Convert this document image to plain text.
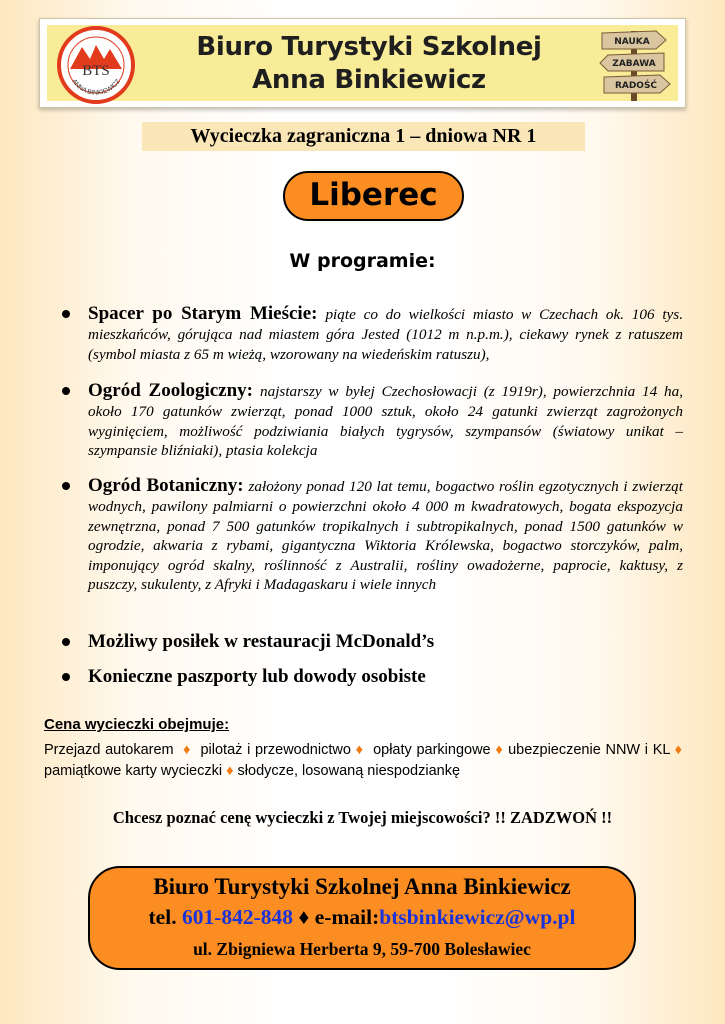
BTS
ANNA BINKIEWICZ
Biuro Turystyki Szkolnej
Anna Binkiewicz
NAUKA
ZABAWA
RADOŚĆ
Wycieczka zagraniczna 1 – dniowa NR 1
Liberec
W programie:
Spacer po Starym Mieście: piąte co do wielkości miasto w Czechach ok. 106 tys. mieszkańców, górująca nad miastem góra Jested (1012 m n.p.m.), ciekawy rynek z ratuszem (symbol miasta z 65 m wieżą, wzorowany na wiedeńskim ratuszu),
Ogród Zoologiczny: najstarszy w byłej Czechosłowacji (z 1919r), powierzchnia 14 ha, około 170 gatunków zwierząt, ponad 1000 sztuk, około 24 gatunki zwierząt zagrożonych wyginięciem, możliwość podziwiania białych tygrysów, szympansów (światowy unikat – szympansie bliźniaki), ptasia kolekcja
Ogród Botaniczny: założony ponad 120 lat temu, bogactwo roślin egzotycznych i zwierząt wodnych, pawilony palmiarni o powierzchni około 4 000 m kwadratowych, bogata ekspozycja zewnętrzna, ponad 7 500 gatunków tropikalnych i subtropikalnych, ponad 1500 gatunków w ogrodzie, akwaria z rybami, gigantyczna Wiktoria Królewska, bogactwo storczyków, palm, imponujący ogród skalny, roślinność z Australii, rośliny owadożerne, paprocie, kaktusy, z puszczy, sukulenty, z Afryki i Madagaskaru i wiele innych
Możliwy posiłek w restauracji McDonald’s
Konieczne paszporty lub dowody osobiste
Cena wycieczki obejmuje:
Przejazd autokarem ♦ pilotaż i przewodnictwo ♦ opłaty parkingowe ♦ ubezpieczenie NNW i KL ♦ pamiątkowe karty wycieczki ♦ słodycze, losowaną niespodziankę
Chcesz poznać cenę wycieczki z Twojej miejscowości? !! ZADZWOŃ !!
Biuro Turystyki Szkolnej Anna Binkiewicz
tel. 601-842-848 ♦ e-mail:btsbinkiewicz@wp.pl
ul. Zbigniewa Herberta 9, 59-700 Bolesławiec
